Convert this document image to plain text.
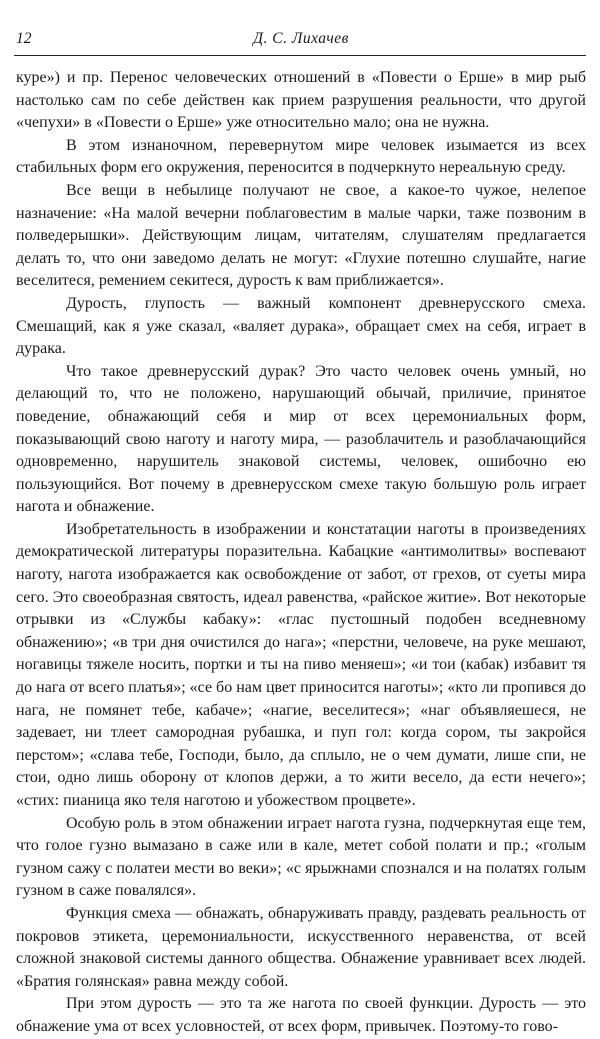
12	Д. С. Лихачев

куре») и пр. Перенос человеческих отношений в «Повести о Ерше» в мир рыб настолько сам по себе действен как прием разрушения реальности, что другой «чепухи» в «Повести о Ерше» уже относительно мало; она не нужна.

В этом изнаночном, перевернутом мире человек изымается из всех стабильных форм его окружения, переносится в подчеркнуто нереальную среду.

Все вещи в небылице получают не свое, а какое-то чужое, нелепое назначение: «На малой вечерни поблаговестим в малые чарки, таже позвоним в полведерышки». Действующим лицам, читателям, слушателям предлагается делать то, что они заведомо делать не могут: «Глухие потешно слушайте, нагие веселитеся, ремением секитеся, дурость к вам приближается».

Дурость, глупость — важный компонент древнерусского смеха. Смешащий, как я уже сказал, «валяет дурака», обращает смех на себя, играет в дурака.

Что такое древнерусский дурак? Это часто человек очень умный, но делающий то, что не положено, нарушающий обычай, приличие, принятое поведение, обнажающий себя и мир от всех церемониальных форм, показывающий свою наготу и наготу мира, — разоблачитель и разоблачающийся одновременно, нарушитель знаковой системы, человек, ошибочно ею пользующийся. Вот почему в древнерусском смехе такую большую роль играет нагота и обнажение.

Изобретательность в изображении и констатации наготы в произведениях демократической литературы поразительна. Кабацкие «антимолитвы» воспевают наготу, нагота изображается как освобождение от забот, от грехов, от суеты мира сего. Это своеобразная святость, идеал равенства, «райское житие». Вот некоторые отрывки из «Службы кабаку»: «глас пустошный подобен вседневному обнажению»; «в три дня очистился до нага»; «перстни, человече, на руке мешают, ногавицы тяжеле носить, портки и ты на пиво меняеш»; «и тои (кабак) избавит тя до нага от всего платья»; «се бо нам цвет приносится наготы»; «кто ли пропився до нага, не помянет тебе, кабаче»; «нагие, веселитеся»; «наг объявляешеся, не задевает, ни тлеет самородная рубашка, и пуп гол: когда сором, ты закройся перстом»; «слава тебе, Господи, было, да сплыло, не о чем думати, лише спи, не стои, одно лишь оборону от клопов держи, а то жити весело, да ести нечего»; «стих: пианица яко теля наготою и убожеством процвете».

Особую роль в этом обнажении играет нагота гузна, подчеркнутая еще тем, что голое гузно вымазано в саже или в кале, метет собой полати и пр.; «голым гузном сажу с полатеи мести во веки»; «с ярыжнами спознался и на полатях голым гузном в саже повалялся».

Функция смеха — обнажать, обнаруживать правду, раздевать реальность от покровов этикета, церемониальности, искусственного неравенства, от всей сложной знаковой системы данного общества. Обнажение уравнивает всех людей. «Братия голянская» равна между собой.

При этом дурость — это та же нагота по своей функции. Дурость — это обнажение ума от всех условностей, от всех форм, привычек. Поэтому-то гово-
